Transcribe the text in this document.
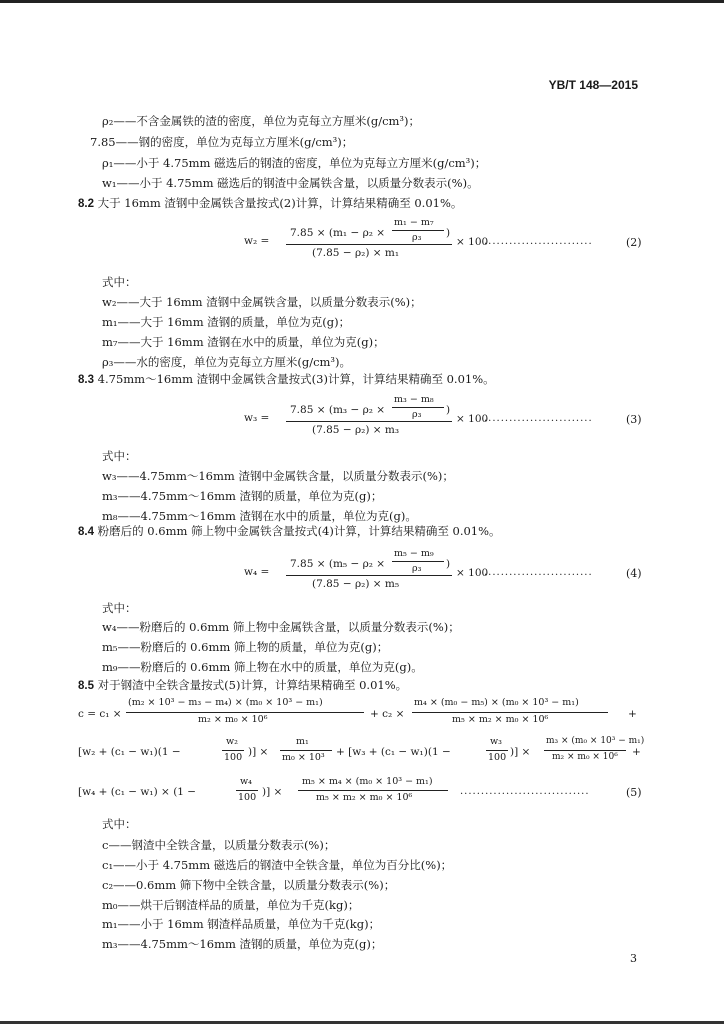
YB/T 148—2015
ρ₂——不含金属铁的渣的密度，单位为克每立方厘米(g/cm³)；
7.85——钢的密度，单位为克每立方厘米(g/cm³)；
ρ₁——小于 4.75mm 磁选后的钢渣的密度，单位为克每立方厘米(g/cm³)；
w₁——小于 4.75mm 磁选后的钢渣中金属铁含量，以质量分数表示(%)。
8.2 大于 16mm 渣钢中金属铁含量按式(2)计算，计算结果精确至 0.01%。
w₂ =
7.85 × (m₁ − ρ₂ ×
m₁ − m₇
ρ₃ )
(7.85 − ρ₂) × m₁
× 100
..........................	(2)
式中：
w₂——大于 16mm 渣钢中金属铁含量，以质量分数表示(%)；
m₁——大于 16mm 渣钢的质量，单位为克(g)；
m₇——大于 16mm 渣钢在水中的质量，单位为克(g)；
ρ₃——水的密度，单位为克每立方厘米(g/cm³)。
8.3 4.75mm～16mm 渣钢中金属铁含量按式(3)计算，计算结果精确至 0.01%。
w₃ =
7.85 × (m₃ − ρ₂ ×
m₃ − m₈
ρ₃ )
(7.85 − ρ₂) × m₃
× 100
..........................	(3)
式中：
w₃——4.75mm～16mm 渣钢中金属铁含量，以质量分数表示(%)；
m₃——4.75mm～16mm 渣钢的质量，单位为克(g)；
m₈——4.75mm～16mm 渣钢在水中的质量，单位为克(g)。
8.4 粉磨后的 0.6mm 筛上物中金属铁含量按式(4)计算，计算结果精确至 0.01%。
w₄ =
7.85 × (m₅ − ρ₂ ×
m₅ − m₉
ρ₃ )
(7.85 − ρ₂) × m₅
× 100
..........................	(4)
式中：
w₄——粉磨后的 0.6mm 筛上物中金属铁含量，以质量分数表示(%)；
m₅——粉磨后的 0.6mm 筛上物的质量，单位为克(g)；
m₉——粉磨后的 0.6mm 筛上物在水中的质量，单位为克(g)。
8.5 对于钢渣中全铁含量按式(5)计算，计算结果精确至 0.01%。
c = c₁ ×
(m₂ × 10³ − m₃ − m₄) × (m₀ × 10³ − m₁)
m₂ × m₀ × 10⁶	+ c₂ ×
m₄ × (m₀ − m₅) × (m₀ × 10³ − m₁)
m₅ × m₂ × m₀ × 10⁶	+
[w₂ + (c₁ − w₁)(1 −
w₂
100 )] ×
m₁
m₀ × 10³ + [w₃ + (c₁ − w₁)(1 −
w₃
100 )] ×
m₃ × (m₀ × 10³ − m₁)
m₂ × m₀ × 10⁶ +
[w₄ + (c₁ − w₁) × (1 −
w₄
100 )] ×
m₅ × m₄ × (m₀ × 10³ − m₁)
m₅ × m₂ × m₀ × 10⁶
...............................	(5)
式中：
c——钢渣中全铁含量，以质量分数表示(%)；
c₁——小于 4.75mm 磁选后的钢渣中全铁含量，单位为百分比(%)；
c₂——0.6mm 筛下物中全铁含量，以质量分数表示(%)；
m₀——烘干后钢渣样品的质量，单位为千克(kg)；
m₁——小于 16mm 钢渣样品质量，单位为千克(kg)；
m₃——4.75mm～16mm 渣钢的质量，单位为克(g)；
3
